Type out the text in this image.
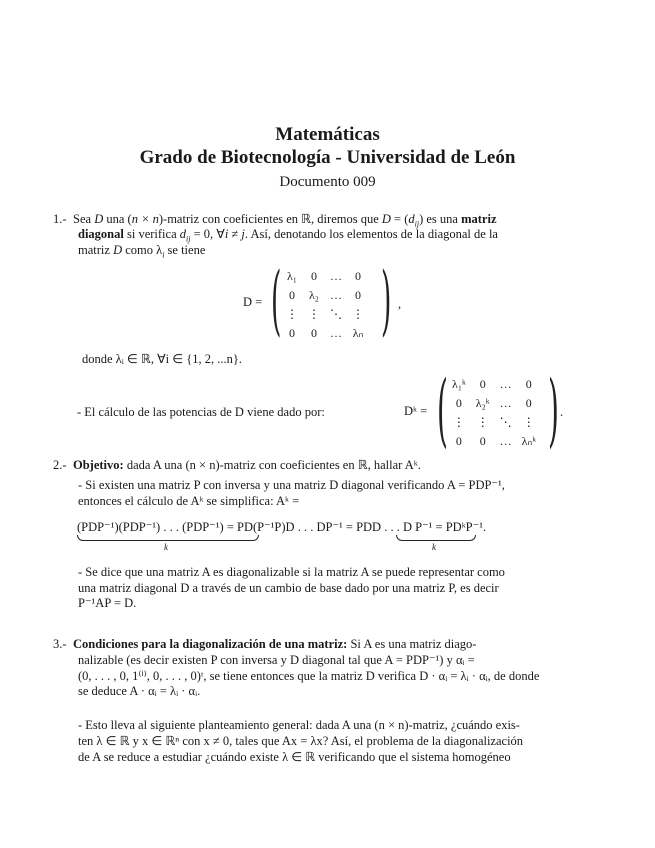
Matemáticas
Grado de Biotecnología - Universidad de León
Documento 009
1.- Sea D una (n × n)-matriz con coeficientes en ℝ, diremos que $D = (d_{ij})$ es una matriz
diagonal si verifica $d_{ij} = 0$, ∀i ≠ j. Así, denotando los elementos de la diagonal de la
matriz D como $\lambda_i$ se tiene
D = ( λ₁	0	…	0
0	λ₂	…	0
⋮	⋮	⋱	⋮
0	0	…	λₙ ) ,
donde λᵢ ∈ ℝ, ∀i ∈ {1, 2, ...n}.
- El cálculo de las potencias de D viene dado por:	Dᵏ = ( λ₁ᵏ	0	…	0
0	λ₂ᵏ	…	0
⋮	⋮	⋱	⋮
0	0	…	λₙᵏ ) .
2.- Objetivo: dada A una (n × n)-matriz con coeficientes en ℝ, hallar Aᵏ.
- Si existen una matriz P con inversa y una matriz D diagonal verificando A = PDP⁻¹,
entonces el cálculo de Aᵏ se simplifica: Aᵏ =
(PDP⁻¹)(PDP⁻¹) . . . (PDP⁻¹) = PD(P⁻¹P)D . . . DP⁻¹ = PDD . . . D P⁻¹ = PDᵏP⁻¹.
k	k
- Se dice que una matriz A es diagonalizable si la matriz A se puede representar como
una matriz diagonal D a través de un cambio de base dado por una matriz P, es decir
P⁻¹AP = D.
3.- Condiciones para la diagonalización de una matriz: Si A es una matriz diago-
nalizable (es decir existen P con inversa y D diagonal tal que A = PDP⁻¹) y αᵢ =
(0, . . . , 0, 1⁽ⁱ⁾, 0, . . . , 0)ᵗ, se tiene entonces que la matriz D verifica D · αᵢ = λᵢ · αᵢ, de donde
se deduce A · αᵢ = λᵢ · αᵢ.
- Esto lleva al siguiente planteamiento general: dada A una (n × n)-matriz, ¿cuándo exis-
ten λ ∈ ℝ y x ∈ ℝⁿ con x ≠ 0, tales que Ax = λx? Así, el problema de la diagonalización
de A se reduce a estudiar ¿cuándo existe λ ∈ ℝ verificando que el sistema homogéneo
